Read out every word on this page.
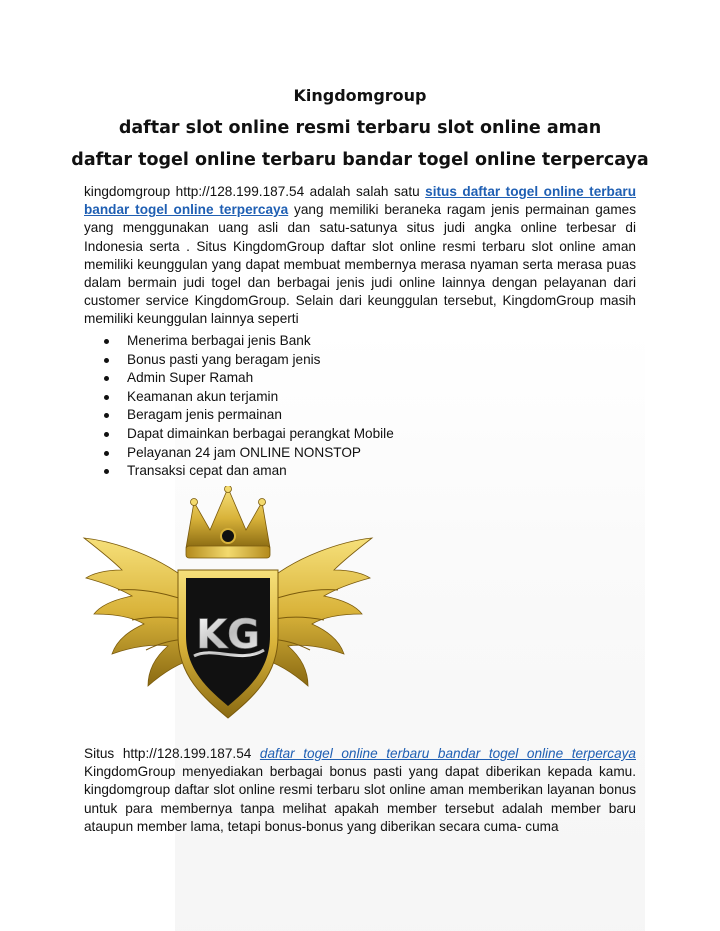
Kingdomgroup
daftar slot online resmi terbaru slot online aman
daftar togel online terbaru bandar togel online terpercaya
kingdomgroup http://128.199.187.54 adalah salah satu situs daftar togel online terbaru bandar togel online terpercaya yang memiliki beraneka ragam jenis permainan games yang menggunakan uang asli dan satu-satunya situs judi angka online terbesar di Indonesia serta . Situs KingdomGroup daftar slot online resmi terbaru slot online aman memiliki keunggulan yang dapat membuat membernya merasa nyaman serta merasa puas dalam bermain judi togel dan berbagai jenis judi online lainnya dengan pelayanan dari customer service KingdomGroup. Selain dari keunggulan tersebut, KingdomGroup masih memiliki keunggulan lainnya seperti
Menerima berbagai jenis Bank
Bonus pasti yang beragam jenis
Admin Super Ramah
Keamanan akun terjamin
Beragam jenis permainan
Dapat dimainkan berbagai perangkat Mobile
Pelayanan 24 jam ONLINE NONSTOP
Transaksi cepat dan aman
KG
Situs http://128.199.187.54 daftar togel online terbaru bandar togel online terpercaya KingdomGroup menyediakan berbagai bonus pasti yang dapat diberikan kepada kamu. kingdomgroup daftar slot online resmi terbaru slot online aman memberikan layanan bonus untuk para membernya tanpa melihat apakah member tersebut adalah member baru ataupun member lama, tetapi bonus-bonus yang diberikan secara cuma- cuma
